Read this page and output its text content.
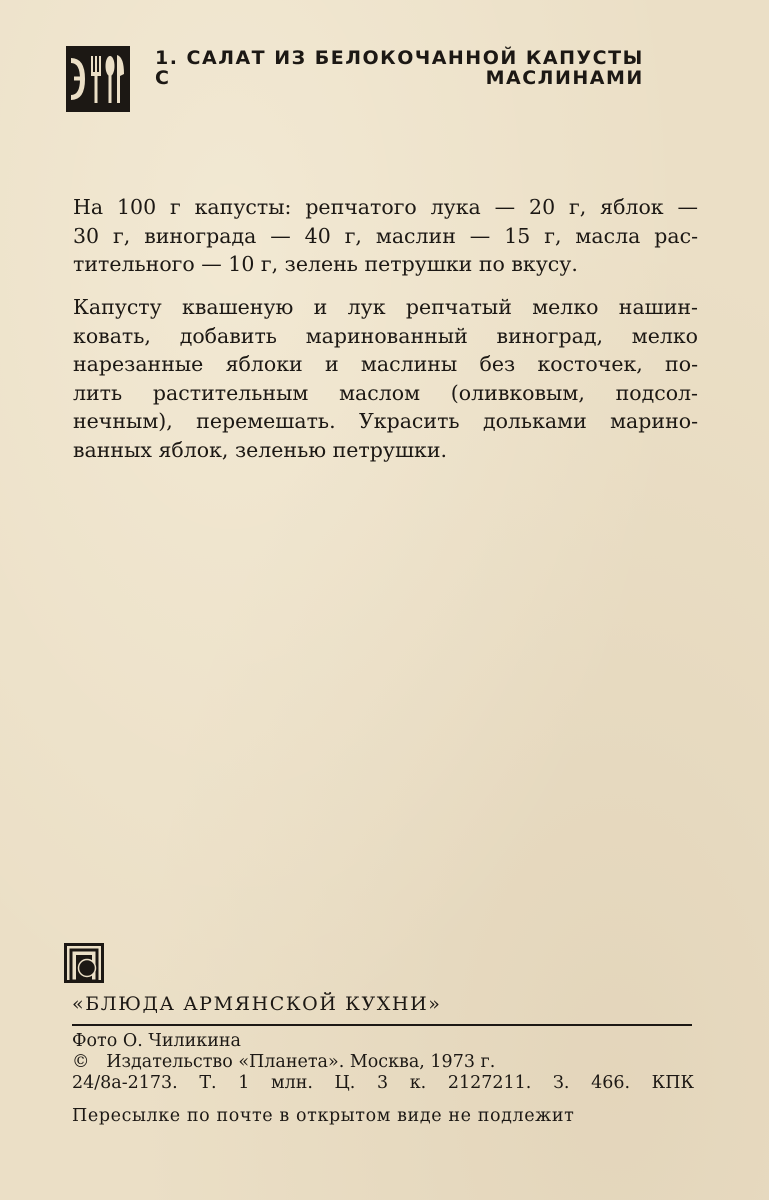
1. САЛАТ ИЗ БЕЛОКОЧАННОЙ КАПУСТЫ
С МАСЛИНАМИ

На 100 г капусты: репчатого лука — 20 г, яблок —
30 г, винограда — 40 г, маслин — 15 г, масла рас-
тительного — 10 г, зелень петрушки по вкусу.

Капусту квашеную и лук репчатый мелко нашин-
ковать, добавить маринованный виноград, мелко
нарезанные яблоки и маслины без косточек, по-
лить растительным маслом (оливковым, подсол-
нечным), перемешать. Украсить дольками марино-
ванных яблок, зеленью петрушки.

«БЛЮДА АРМЯНСКОЙ КУХНИ»

Фото О. Чиликина
© Издательство «Планета». Москва, 1973 г.
24/8а-2173. Т. 1 млн. Ц. 3 к. 2127211. З. 466. КПК

Пересылке по почте в открытом виде не подлежит
